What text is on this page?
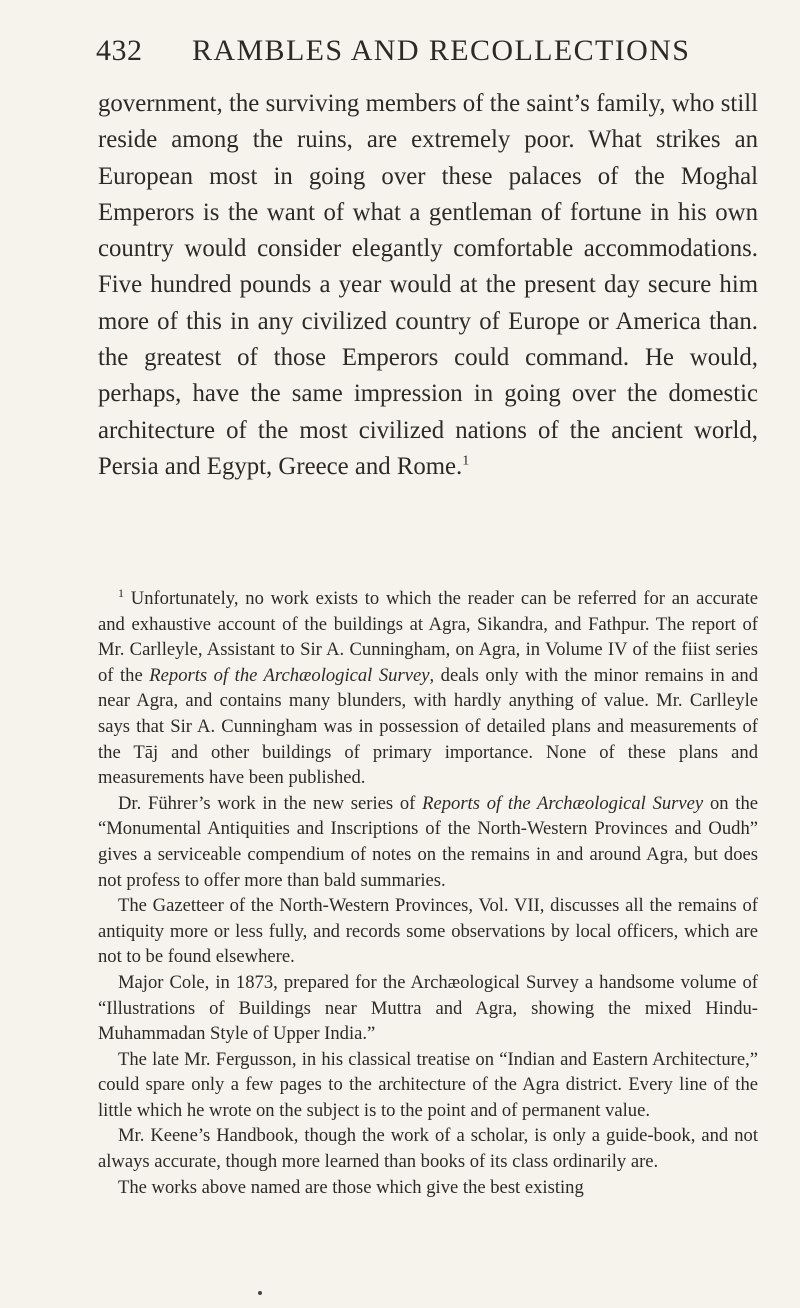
432 RAMBLES AND RECOLLECTIONS

government, the surviving members of the saint’s family, who still reside among the ruins, are extremely poor. What strikes an European most in going over these palaces of the Moghal Emperors is the want of what a gentleman of fortune in his own country would consider elegantly comfortable accommodations. Five hundred pounds a year would at the present day secure him more of this in any civilized country of Europe or America than. the greatest of those Emperors could command. He would, perhaps, have the same impression in going over the domestic architecture of the most civilized nations of the ancient world, Persia and Egypt, Greece and Rome.$^1$

$^1$ Unfortunately, no work exists to which the reader can be referred for an accurate and exhaustive account of the buildings at Agra, Sikandra, and Fathpur. The report of Mr. Carlleyle, Assistant to Sir A. Cunningham, on Agra, in Volume IV of the fiist series of the Reports of the Archæological Survey, deals only with the minor remains in and near Agra, and contains many blunders, with hardly anything of value. Mr. Carlleyle says that Sir A. Cunningham was in possession of detailed plans and measurements of the Tāj and other buildings of primary importance. None of these plans and measurements have been published.

Dr. Führer’s work in the new series of Reports of the Archæological Survey on the “Monumental Antiquities and Inscriptions of the North-Western Provinces and Oudh” gives a serviceable compendium of notes on the remains in and around Agra, but does not profess to offer more than bald summaries.

The Gazetteer of the North-Western Provinces, Vol. VII, discusses all the remains of antiquity more or less fully, and records some observations by local officers, which are not to be found elsewhere.

Major Cole, in 1873, prepared for the Archæological Survey a handsome volume of “Illustrations of Buildings near Muttra and Agra, showing the mixed Hindu-Muhammadan Style of Upper India.”

The late Mr. Fergusson, in his classical treatise on “Indian and Eastern Architecture,” could spare only a few pages to the architecture of the Agra district. Every line of the little which he wrote on the subject is to the point and of permanent value.

Mr. Keene’s Handbook, though the work of a scholar, is only a guide-book, and not always accurate, though more learned than books of its class ordinarily are.

The works above named are those which give the best existing
